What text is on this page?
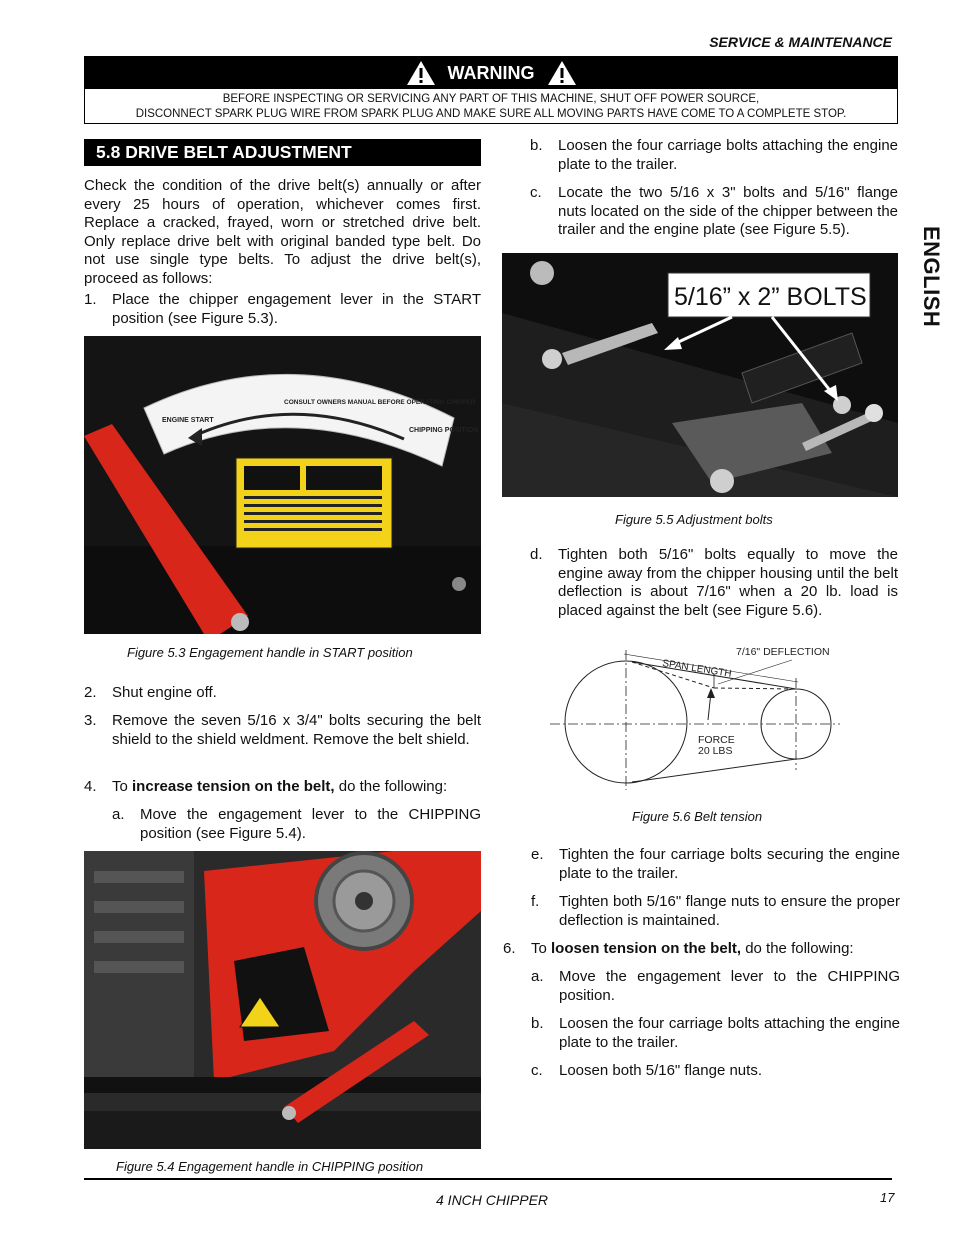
SERVICE & MAINTENANCE
WARNING
BEFORE INSPECTING OR SERVICING ANY PART OF THIS MACHINE, SHUT OFF POWER SOURCE,
DISCONNECT SPARK PLUG WIRE FROM SPARK PLUG AND MAKE SURE ALL MOVING PARTS HAVE COME TO A COMPLETE STOP.
ENGLISH
5.8 DRIVE BELT ADJUSTMENT
Check the condition of the drive belt(s) annually or after every 25 hours of operation, whichever comes first. Replace a cracked, frayed, worn or stretched drive belt. Only replace drive belt with original banded type belt. Do not use single type belts. To adjust the drive belt(s), proceed as follows:
1. Place the chipper engagement lever in the START position (see Figure 5.3).
ENGINE START
CHIPPING POSITION
CONSULT OWNERS MANUAL BEFORE OPERATING CHIPPER
Figure 5.3 Engagement handle in START position
2. Shut engine off.
3. Remove the seven 5/16 x 3/4" bolts securing the belt shield to the shield weldment. Remove the belt shield.
4. To increase tension on the belt, do the following:
a. Move the engagement lever to the CHIPPING position (see Figure 5.4).
Figure 5.4 Engagement handle in CHIPPING position
b. Loosen the four carriage bolts attaching the engine plate to the trailer.
c. Locate the two 5/16 x 3" bolts and 5/16" flange nuts located on the side of the chipper between the trailer and the engine plate (see Figure 5.5).
5/16” x 2” BOLTS
Figure 5.5 Adjustment bolts
d. Tighten both 5/16" bolts equally to move the engine away from the chipper housing until the belt deflection is about 7/16" when a 20 lb. load is placed against the belt (see Figure 5.6).
SPAN LENGTH
7/16" DEFLECTION
FORCE
20 LBS
Figure 5.6 Belt tension
e. Tighten the four carriage bolts securing the engine plate to the trailer.
f. Tighten both 5/16" flange nuts to ensure the proper deflection is maintained.
6. To loosen tension on the belt, do the following:
a. Move the engagement lever to the CHIPPING position.
b. Loosen the four carriage bolts attaching the engine plate to the trailer.
c. Loosen both 5/16" flange nuts.
4 INCH CHIPPER	17
